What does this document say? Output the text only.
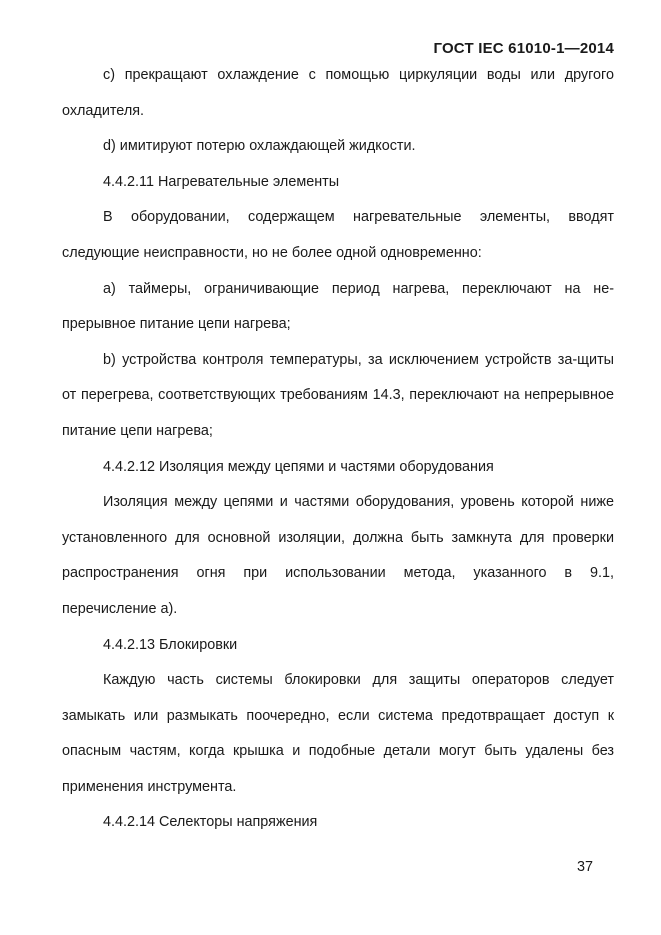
ГОСТ IEC 61010-1—2014

c) прекращают охлаждение с помощью циркуляции воды или другого охладителя.

d) имитируют потерю охлаждающей жидкости.

4.4.2.11 Нагревательные элементы

В оборудовании, содержащем нагревательные элементы, вводят следующие неисправности, но не более одной одновременно:

a) таймеры, ограничивающие период нагрева, переключают на не-прерывное питание цепи нагрева;

b) устройства контроля температуры, за исключением устройств за-щиты от перегрева, соответствующих требованиям 14.3, переключают на непрерывное питание цепи нагрева;

4.4.2.12 Изоляция между цепями и частями оборудования

Изоляция между цепями и частями оборудования, уровень которой ниже установленного для основной изоляции, должна быть замкнута для проверки распространения огня при использовании метода, указанного в 9.1, перечисление a).

4.4.2.13 Блокировки

Каждую часть системы блокировки для защиты операторов следует замыкать или размыкать поочередно, если система предотвращает доступ к опасным частям, когда крышка и подобные детали могут быть удалены без применения инструмента.

4.4.2.14 Селекторы напряжения

37
